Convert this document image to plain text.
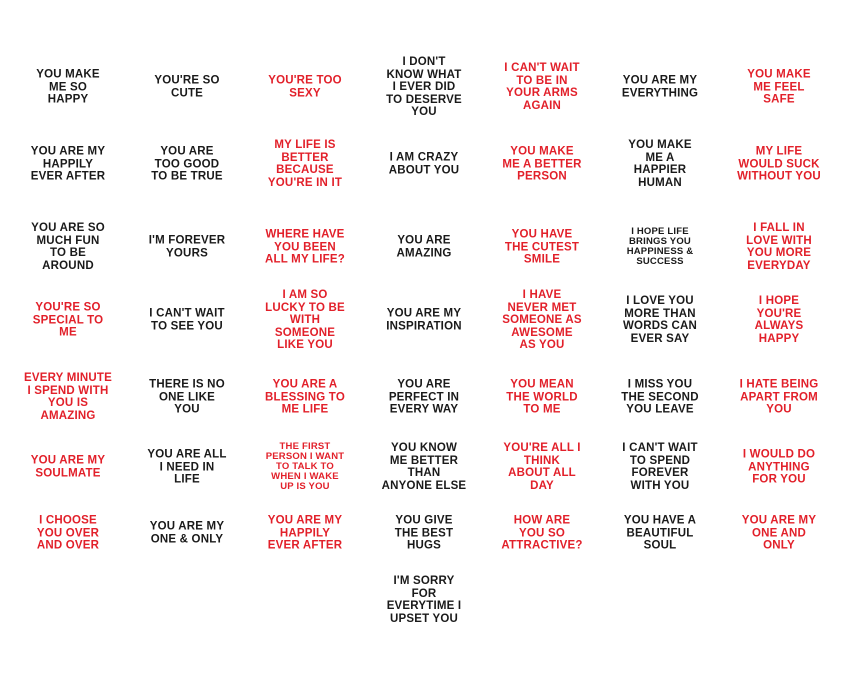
YOU MAKE
ME SO
HAPPY
YOU'RE SO
CUTE
YOU'RE TOO
SEXY
I DON'T
KNOW WHAT
I EVER DID
TO DESERVE
YOU
I CAN'T WAIT
TO BE IN
YOUR ARMS
AGAIN
YOU ARE MY
EVERYTHING
YOU MAKE
ME FEEL
SAFE
YOU ARE MY
HAPPILY
EVER AFTER
YOU ARE
TOO GOOD
TO BE TRUE
MY LIFE IS
BETTER
BECAUSE
YOU'RE IN IT
I AM CRAZY
ABOUT YOU
YOU MAKE
ME A BETTER
PERSON
YOU MAKE
ME A
HAPPIER
HUMAN
MY LIFE
WOULD SUCK
WITHOUT YOU
YOU ARE SO
MUCH FUN
TO BE
AROUND
I'M FOREVER
YOURS
WHERE HAVE
YOU BEEN
ALL MY LIFE?
YOU ARE
AMAZING
YOU HAVE
THE CUTEST
SMILE
I HOPE LIFE
BRINGS YOU
HAPPINESS &
SUCCESS
I FALL IN
LOVE WITH
YOU MORE
EVERYDAY
YOU'RE SO
SPECIAL TO
ME
I CAN'T WAIT
TO SEE YOU
I AM SO
LUCKY TO BE
WITH
SOMEONE
LIKE YOU
YOU ARE MY
INSPIRATION
I HAVE
NEVER MET
SOMEONE AS
AWESOME
AS YOU
I LOVE YOU
MORE THAN
WORDS CAN
EVER SAY
I HOPE
YOU'RE
ALWAYS
HAPPY
EVERY MINUTE
I SPEND WITH
YOU IS
AMAZING
THERE IS NO
ONE LIKE
YOU
YOU ARE A
BLESSING TO
ME LIFE
YOU ARE
PERFECT IN
EVERY WAY
YOU MEAN
THE WORLD
TO ME
I MISS YOU
THE SECOND
YOU LEAVE
I HATE BEING
APART FROM
YOU
YOU ARE MY
SOULMATE
YOU ARE ALL
I NEED IN
LIFE
THE FIRST
PERSON I WANT
TO TALK TO
WHEN I WAKE
UP IS YOU
YOU KNOW
ME BETTER
THAN
ANYONE ELSE
YOU'RE ALL I
THINK
ABOUT ALL
DAY
I CAN'T WAIT
TO SPEND
FOREVER
WITH YOU
I WOULD DO
ANYTHING
FOR YOU
I CHOOSE
YOU OVER
AND OVER
YOU ARE MY
ONE & ONLY
YOU ARE MY
HAPPILY
EVER AFTER
YOU GIVE
THE BEST
HUGS
HOW ARE
YOU SO
ATTRACTIVE?
YOU HAVE A
BEAUTIFUL
SOUL
YOU ARE MY
ONE AND
ONLY
I'M SORRY
FOR
EVERYTIME I
UPSET YOU
